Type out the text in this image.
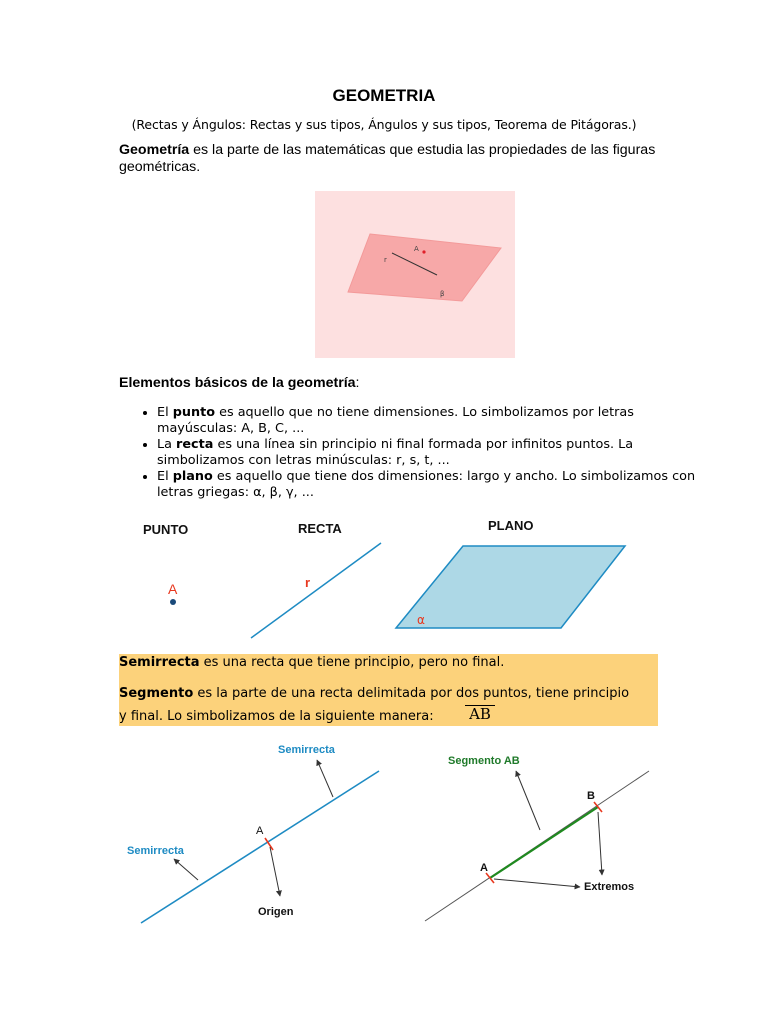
GEOMETRIA
(Rectas y Ángulos: Rectas y sus tipos, Ángulos y sus tipos, Teorema de Pitágoras.)
Geometría es la parte de las matemáticas que estudia las propiedades de las figuras geométricas.
A
r
β
Elementos básicos de la geometría:
• El punto es aquello que no tiene dimensiones. Lo simbolizamos por letras mayúsculas: A, B, C, ...
• La recta es una línea sin principio ni final formada por infinitos puntos. La simbolizamos con letras minúsculas: r, s, t, ...
• El plano es aquello que tiene dos dimensiones: largo y ancho. Lo simbolizamos con letras griegas: α, β, γ, ...
PUNTO	RECTA	PLANO
A	r
α
Semirrecta es una recta que tiene principio, pero no final.
Segmento es la parte de una recta delimitada por dos puntos, tiene principio
y final. Lo simbolizamos de la siguiente manera:	AB
A
Semirrecta
Semirrecta
Origen
A
B
Segmento AB
Extremos
